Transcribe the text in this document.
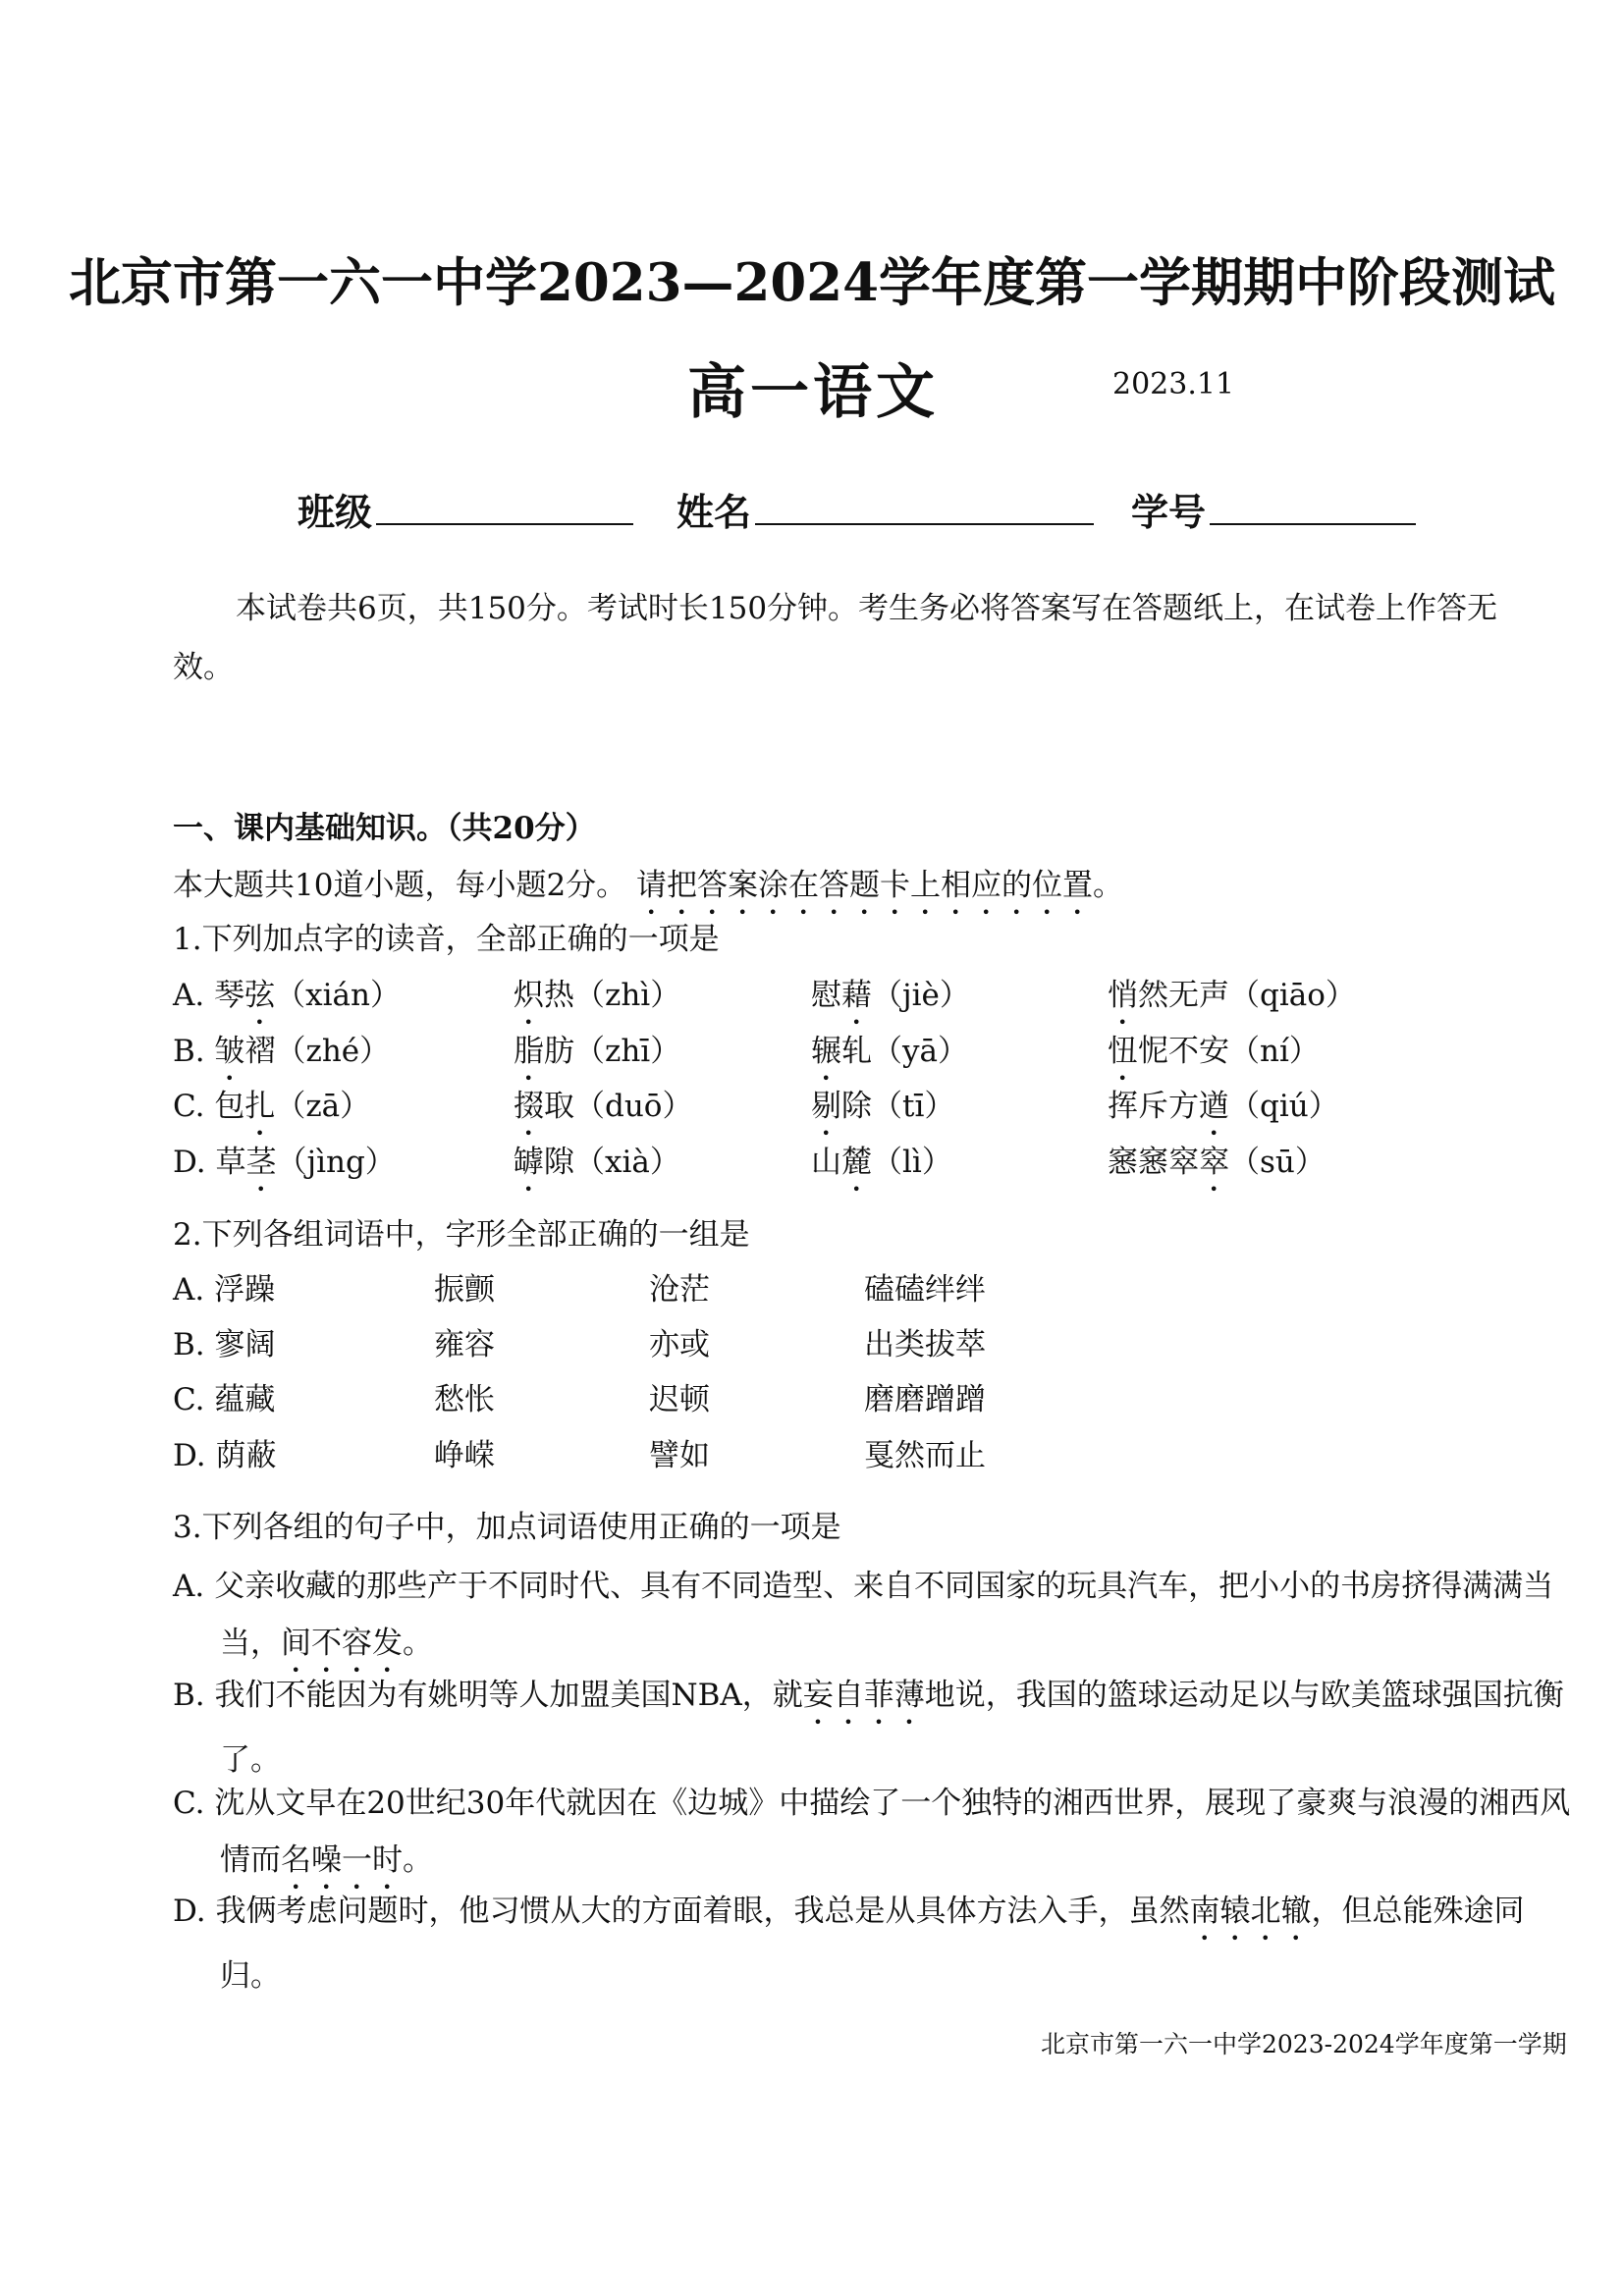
北京市第一六一中学2023—2024学年度第一学期期中阶段测试
高一语文	2023.11
班级	姓名	学号
本试卷共6页，共150分。考试时长150分钟。考生务必将答案写在答题纸上，在试卷上作答无效。
一、课内基础知识。（共20分）
本大题共10道小题，每小题2分。 请把答案涂在答题卡上相应的位置。
1.下列加点字的读音，全部正确的一项是
A. 琴弦（xián）	炽热（zhì）	慰藉（jiè）	悄然无声（qiāo）
B. 皱褶（zhé）	脂肪（zhī）	辗轧（yā）	忸怩不安（ní）
C. 包扎（zā）	掇取（duō）	剔除（tī）	挥斥方遒（qiú）
D. 草茎（jìng）	罅隙（xià）	山麓（lì）	窸窸窣窣（sū）
2.下列各组词语中，字形全部正确的一组是
A. 浮躁	振颤	沧茫	磕磕绊绊
B. 寥阔	雍容	亦或	出类拔萃
C. 蕴藏	愁怅	迟顿	磨磨蹭蹭
D. 荫蔽	峥嵘	譬如	戛然而止
3.下列各组的句子中，加点词语使用正确的一项是
A. 父亲收藏的那些产于不同时代、具有不同造型、来自不同国家的玩具汽车，把小小的书房挤得满满当当，间不容发。
B. 我们不能因为有姚明等人加盟美国NBA，就妄自菲薄地说，我国的篮球运动足以与欧美篮球强国抗衡了。
C. 沈从文早在20世纪30年代就因在《边城》中描绘了一个独特的湘西世界，展现了豪爽与浪漫的湘西风情而名噪一时。
D. 我俩考虑问题时，他习惯从大的方面着眼，我总是从具体方法入手，虽然南辕北辙，但总能殊途同归。
北京市第一六一中学2023-2024学年度第一学期
